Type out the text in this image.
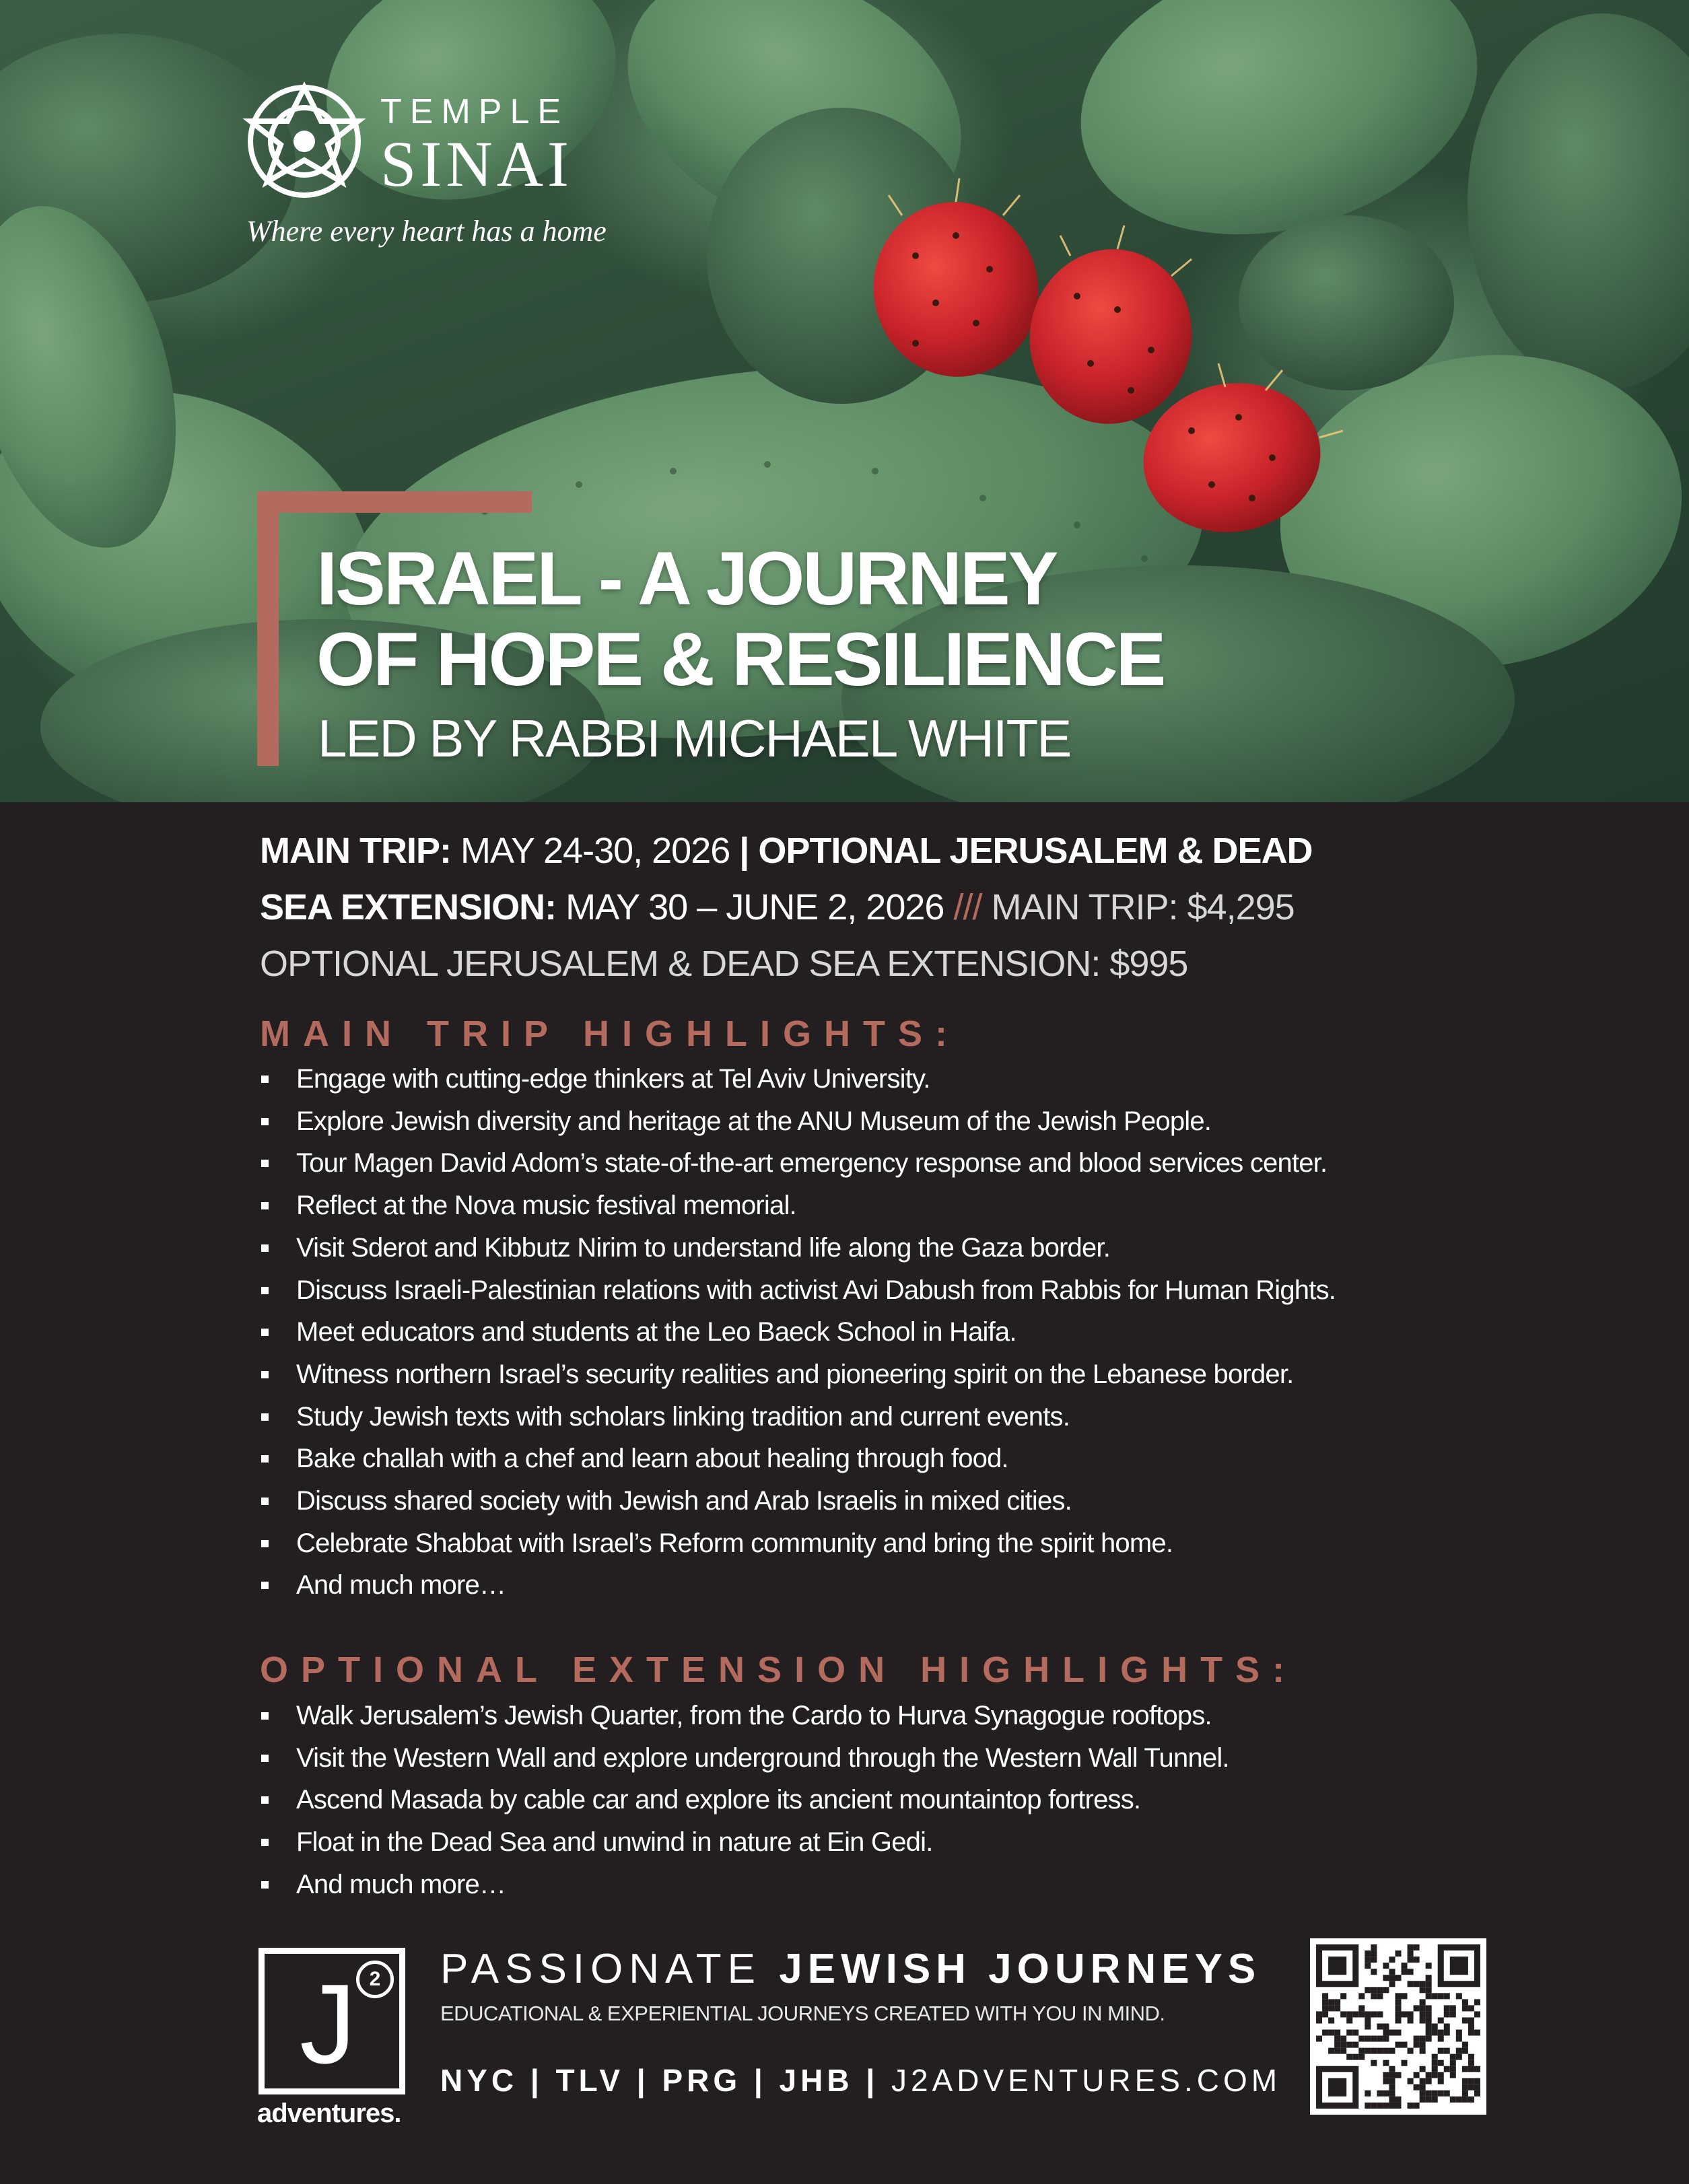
TEMPLE
SINAI
Where every heart has a home
ISRAEL - A JOURNEY
OF HOPE & RESILIENCE
LED BY RABBI MICHAEL WHITE
MAIN TRIP: MAY 24-30, 2026 | OPTIONAL JERUSALEM & DEAD
SEA EXTENSION: MAY 30 – JUNE 2, 2026 /// MAIN TRIP: $4,295
OPTIONAL JERUSALEM & DEAD SEA EXTENSION: $995
MAIN TRIP HIGHLIGHTS:
Engage with cutting-edge thinkers at Tel Aviv University.
Explore Jewish diversity and heritage at the ANU Museum of the Jewish People.
Tour Magen David Adom’s state-of-the-art emergency response and blood services center.
Reflect at the Nova music festival memorial.
Visit Sderot and Kibbutz Nirim to understand life along the Gaza border.
Discuss Israeli-Palestinian relations with activist Avi Dabush from Rabbis for Human Rights.
Meet educators and students at the Leo Baeck School in Haifa.
Witness northern Israel’s security realities and pioneering spirit on the Lebanese border.
Study Jewish texts with scholars linking tradition and current events.
Bake challah with a chef and learn about healing through food.
Discuss shared society with Jewish and Arab Israelis in mixed cities.
Celebrate Shabbat with Israel’s Reform community and bring the spirit home.
And much more…
OPTIONAL EXTENSION HIGHLIGHTS:
Walk Jerusalem’s Jewish Quarter, from the Cardo to Hurva Synagogue rooftops.
Visit the Western Wall and explore underground through the Western Wall Tunnel.
Ascend Masada by cable car and explore its ancient mountaintop fortress.
Float in the Dead Sea and unwind in nature at Ein Gedi.
And much more…
J 2
adventures.
PASSIONATE JEWISH JOURNEYS
EDUCATIONAL & EXPERIENTIAL JOURNEYS CREATED WITH YOU IN MIND.
NYC | TLV | PRG | JHB | J2ADVENTURES.COM
